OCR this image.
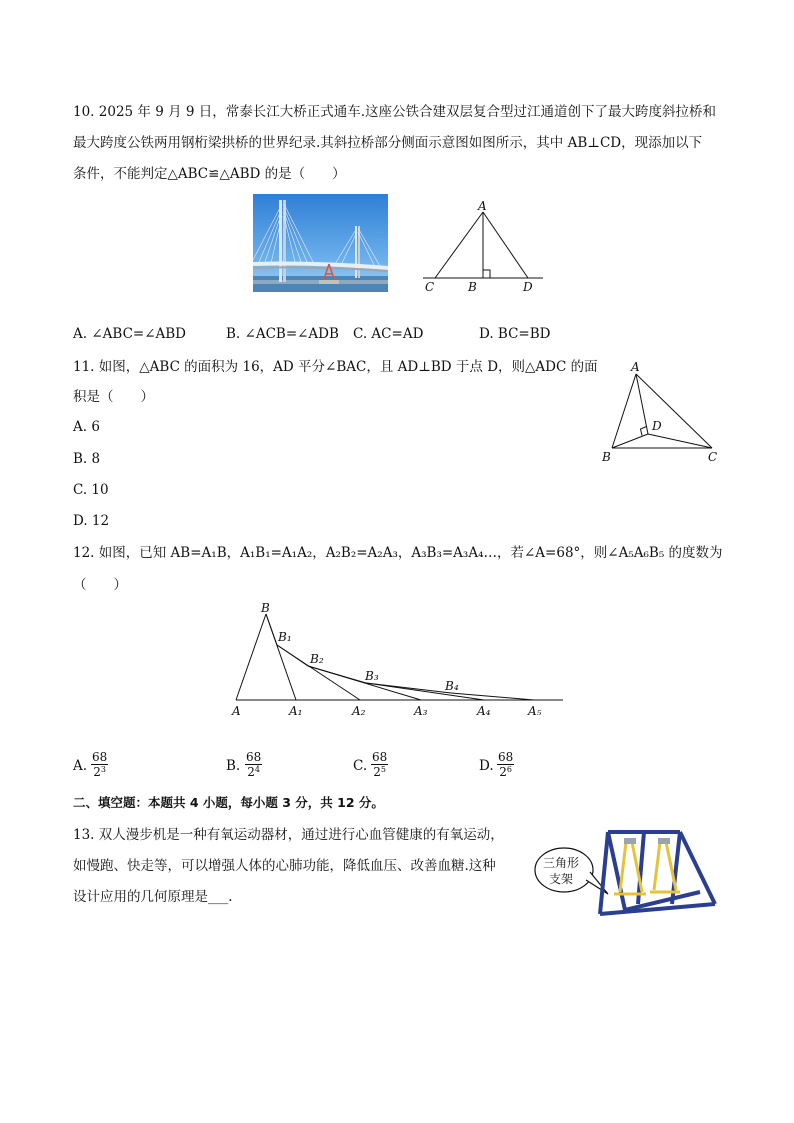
10. 2025 年 9 月 9 日，常泰长江大桥正式通车.这座公铁合建双层复合型过江通道创下了最大跨度斜拉桥和
最大跨度公铁两用钢桁梁拱桥的世界纪录.其斜拉桥部分侧面示意图如图所示，其中 AB⊥CD，现添加以下
条件，不能判定△ABC≌△ABD 的是（　　）
A
C	B	D
A. ∠ABC=∠ABD	B. ∠ACB=∠ADB C. AC=AD	D. BC=BD
11. 如图，△ABC 的面积为 16，AD 平分∠BAC，且 AD⊥BD 于点 D，则△ADC 的面
积是（　　）
A. 6
B. 8
C. 10
D. 12
A
D
B	C
12. 如图，已知 AB=A₁B，A₁B₁=A₁A₂，A₂B₂=A₂A₃，A₃B₃=A₃A₄…，若∠A=68°，则∠A₅A₆B₅ 的度数为
（　　）
B
B₁
B₂
B₃
B₄
A	A₁	A₂	A₃	A₄	A₅
A. $\frac{68}{2^3}$	B. $\frac{68}{2^4}$	C. $\frac{68}{2^5}$	D. $\frac{68}{2^6}$
二、填空题：本题共 4 小题，每小题 3 分，共 12 分。
13. 双人漫步机是一种有氧运动器材，通过进行心血管健康的有氧运动，
如慢跑、快走等，可以增强人体的心肺功能，降低血压、改善血糖.这种
设计应用的几何原理是___.
三角形
支架
